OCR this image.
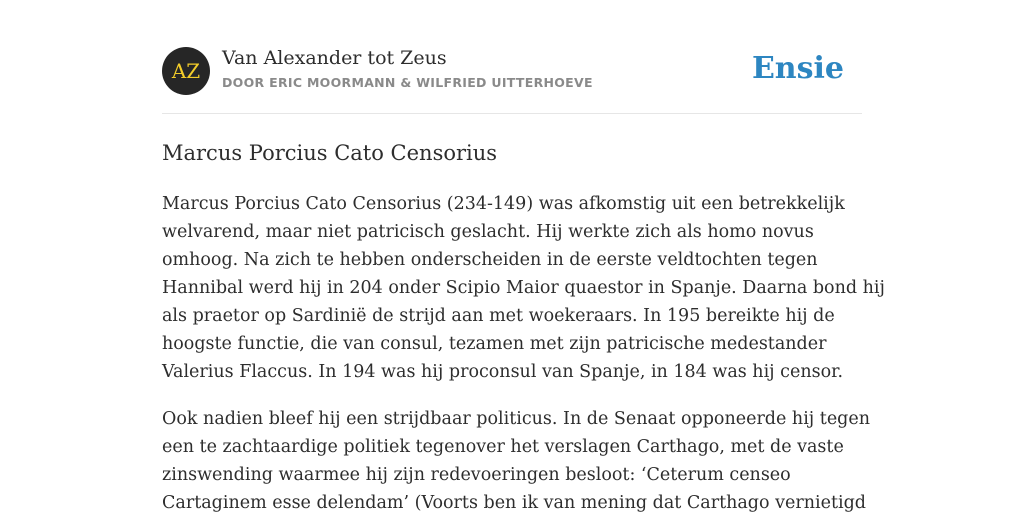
AZ
Van Alexander tot Zeus
DOOR ERIC MOORMANN & WILFRIED UITTERHOEVE	Ensie
Marcus Porcius Cato Censorius

Marcus Porcius Cato Censorius (234-149) was afkomstig uit een betrekkelijk
welvarend, maar niet patricisch geslacht. Hij werkte zich als homo novus
omhoog. Na zich te hebben onderscheiden in de eerste veldtochten tegen
Hannibal werd hij in 204 onder Scipio Maior quaestor in Spanje. Daarna bond hij
als praetor op Sardinië de strijd aan met woekeraars. In 195 bereikte hij de
hoogste functie, die van consul, tezamen met zijn patricische medestander
Valerius Flaccus. In 194 was hij proconsul van Spanje, in 184 was hij censor.

Ook nadien bleef hij een strijdbaar politicus. In de Senaat opponeerde hij tegen
een te zachtaardige politiek tegenover het verslagen Carthago, met de vaste
zinswending waarmee hij zijn redevoeringen besloot: ‘Ceterum censeo
Cartaginem esse delendam’ (Voorts ben ik van mening dat Carthago vernietigd
